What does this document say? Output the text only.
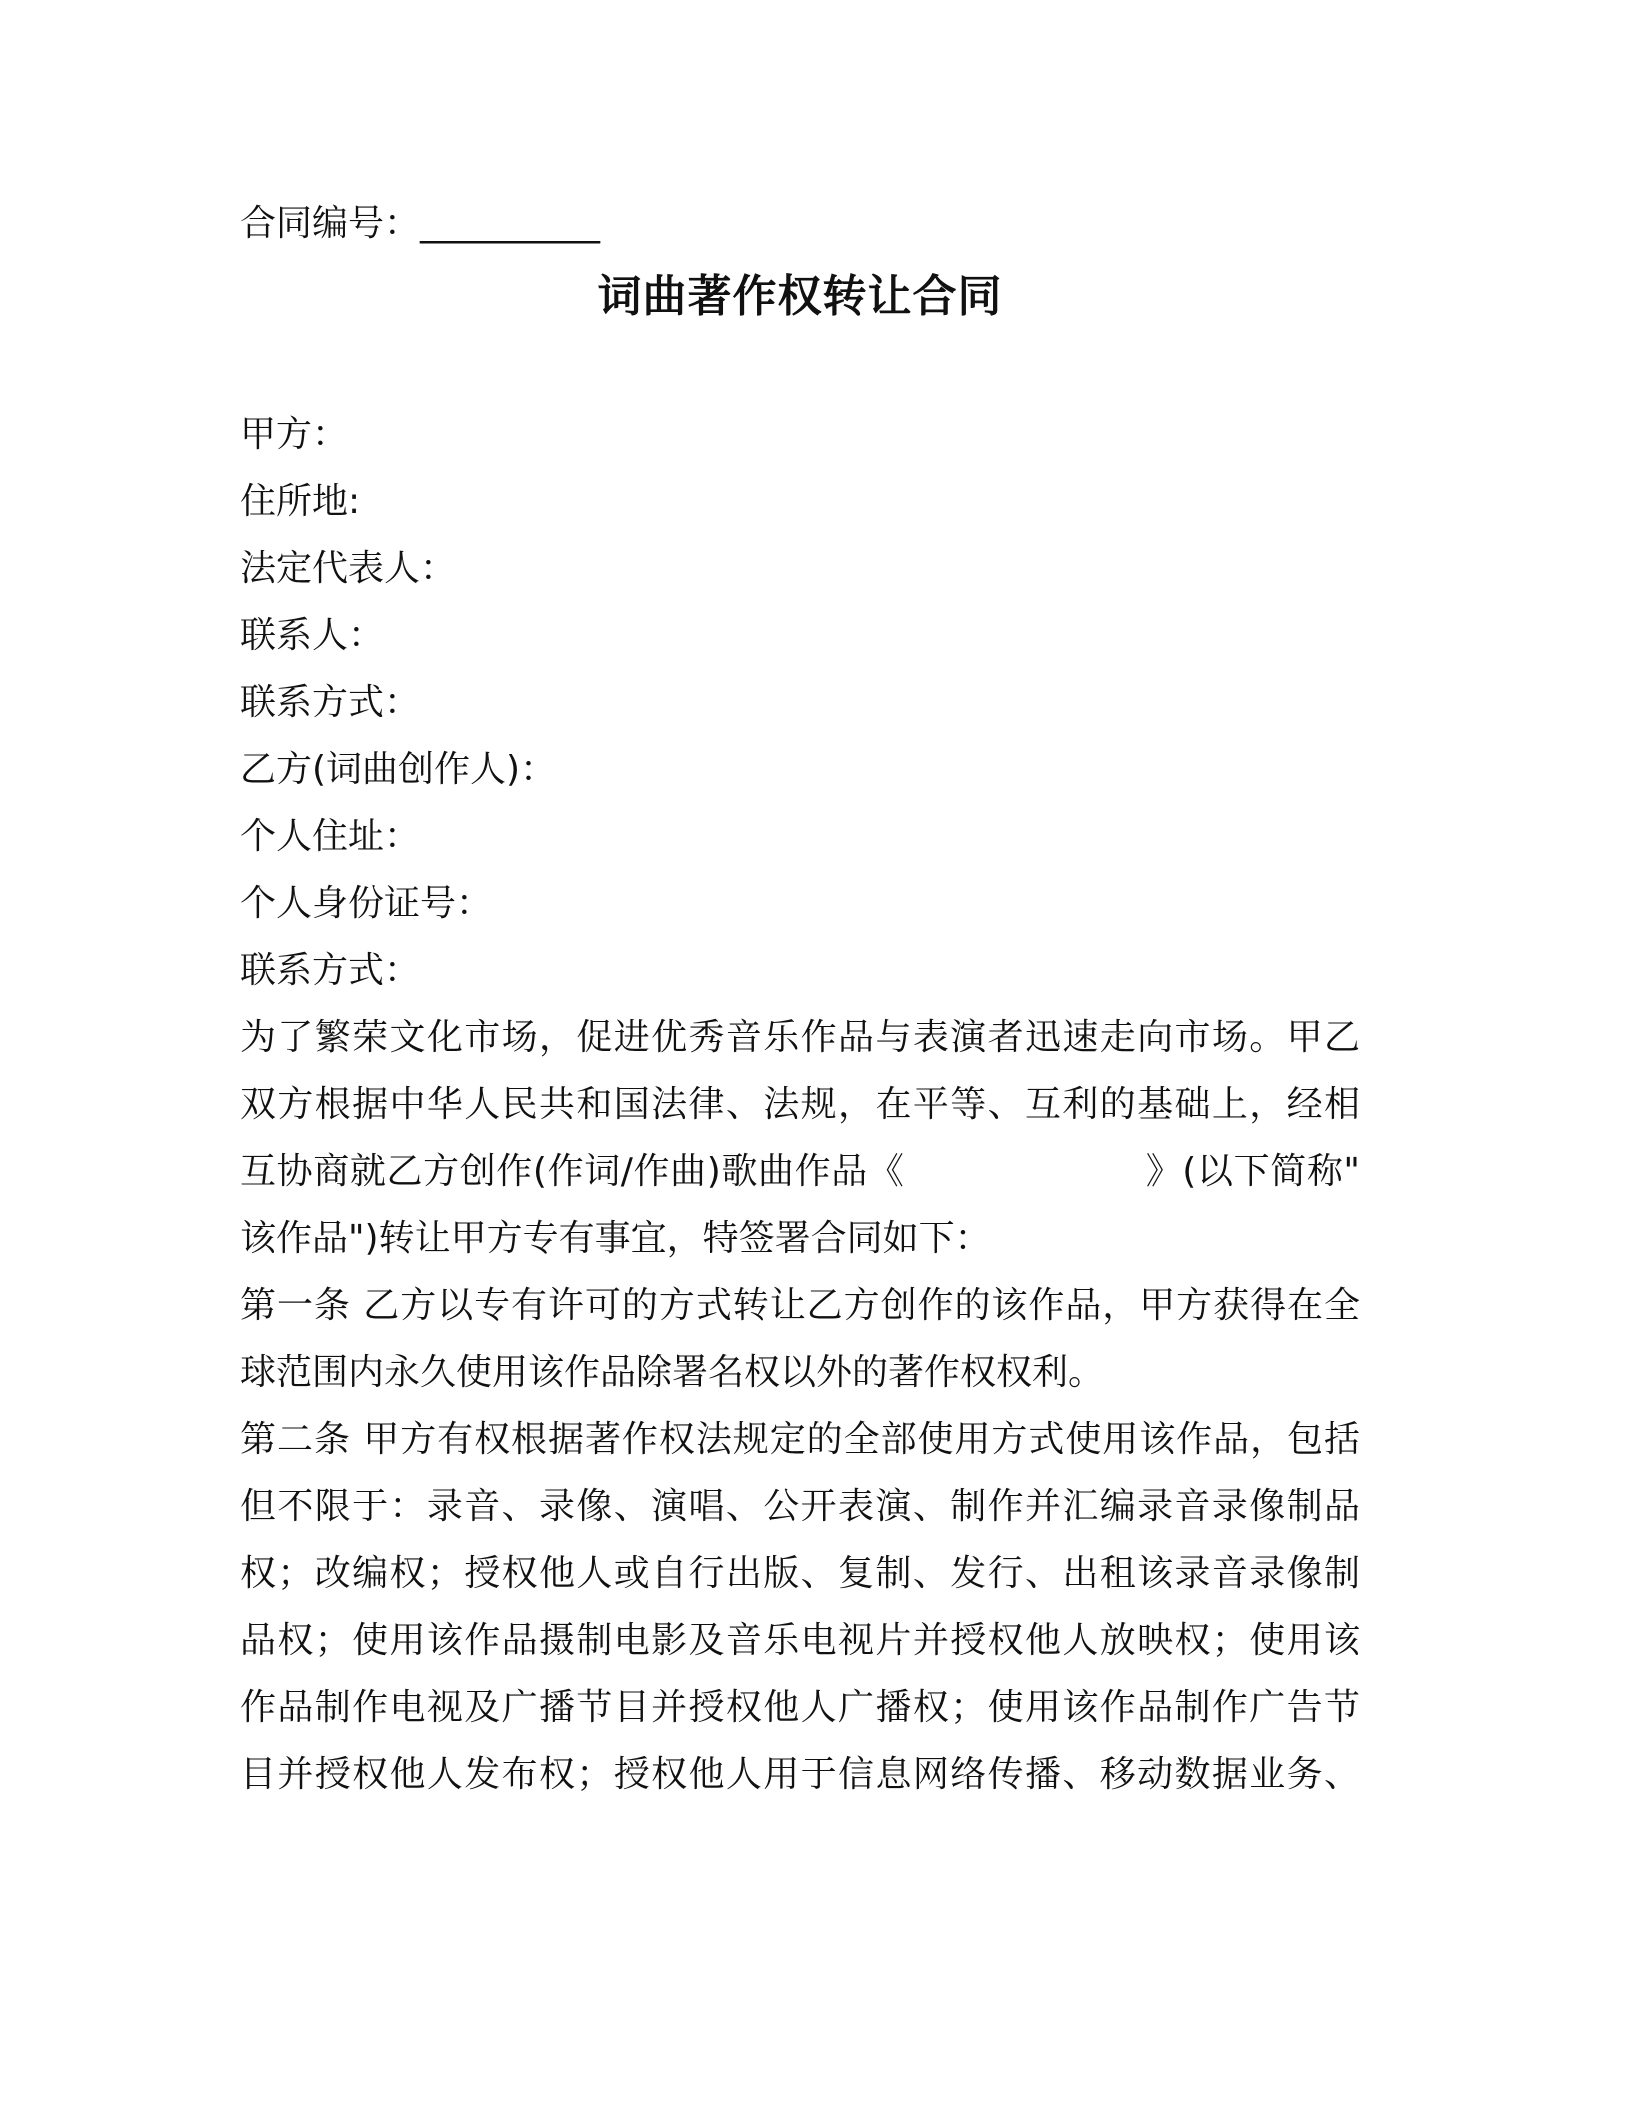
合同编号：__________
词曲著作权转让合同
甲方：
住所地:
法定代表人：
联系人：
联系方式：
乙方(词曲创作人)：
个人住址：
个人身份证号：
联系方式：
为了繁荣文化市场，促进优秀音乐作品与表演者迅速走向市场。甲乙
双方根据中华人民共和国法律、法规，在平等、互利的基础上，经相
互协商就乙方创作(作词/作曲)歌曲作品《                    》(以下简称"
该作品")转让甲方专有事宜，特签署合同如下：
第一条 乙方以专有许可的方式转让乙方创作的该作品，甲方获得在全
球范围内永久使用该作品除署名权以外的著作权权利。
第二条 甲方有权根据著作权法规定的全部使用方式使用该作品，包括
但不限于：录音、录像、演唱、公开表演、制作并汇编录音录像制品
权；改编权；授权他人或自行出版、复制、发行、出租该录音录像制
品权；使用该作品摄制电影及音乐电视片并授权他人放映权；使用该
作品制作电视及广播节目并授权他人广播权；使用该作品制作广告节
目并授权他人发布权；授权他人用于信息网络传播、移动数据业务、
